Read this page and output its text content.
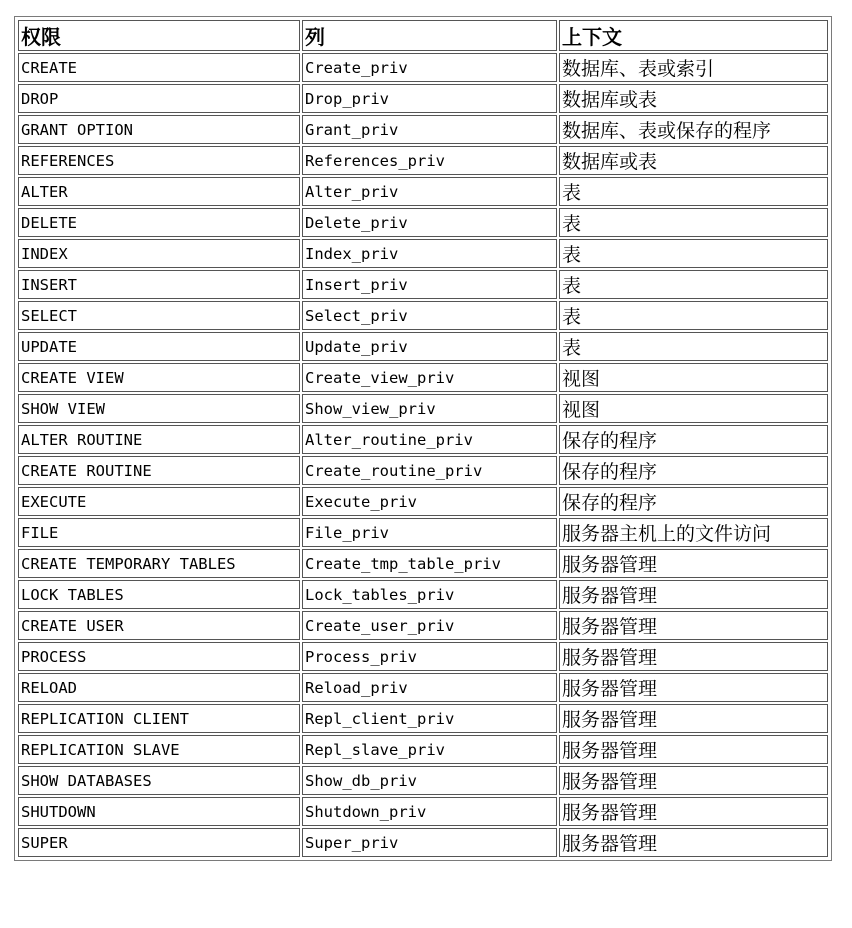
权限	列	上下文
CREATE	Create_priv	数据库、表或索引
DROP	Drop_priv	数据库或表
GRANT OPTION	Grant_priv	数据库、表或保存的程序
REFERENCES	References_priv	数据库或表
ALTER	Alter_priv	表
DELETE	Delete_priv	表
INDEX	Index_priv	表
INSERT	Insert_priv	表
SELECT	Select_priv	表
UPDATE	Update_priv	表
CREATE VIEW	Create_view_priv	视图
SHOW VIEW	Show_view_priv	视图
ALTER ROUTINE	Alter_routine_priv	保存的程序
CREATE ROUTINE	Create_routine_priv	保存的程序
EXECUTE	Execute_priv	保存的程序
FILE	File_priv	服务器主机上的文件访问
CREATE TEMPORARY TABLES	Create_tmp_table_priv	服务器管理
LOCK TABLES	Lock_tables_priv	服务器管理
CREATE USER	Create_user_priv	服务器管理
PROCESS	Process_priv	服务器管理
RELOAD	Reload_priv	服务器管理
REPLICATION CLIENT	Repl_client_priv	服务器管理
REPLICATION SLAVE	Repl_slave_priv	服务器管理
SHOW DATABASES	Show_db_priv	服务器管理
SHUTDOWN	Shutdown_priv	服务器管理
SUPER	Super_priv	服务器管理
